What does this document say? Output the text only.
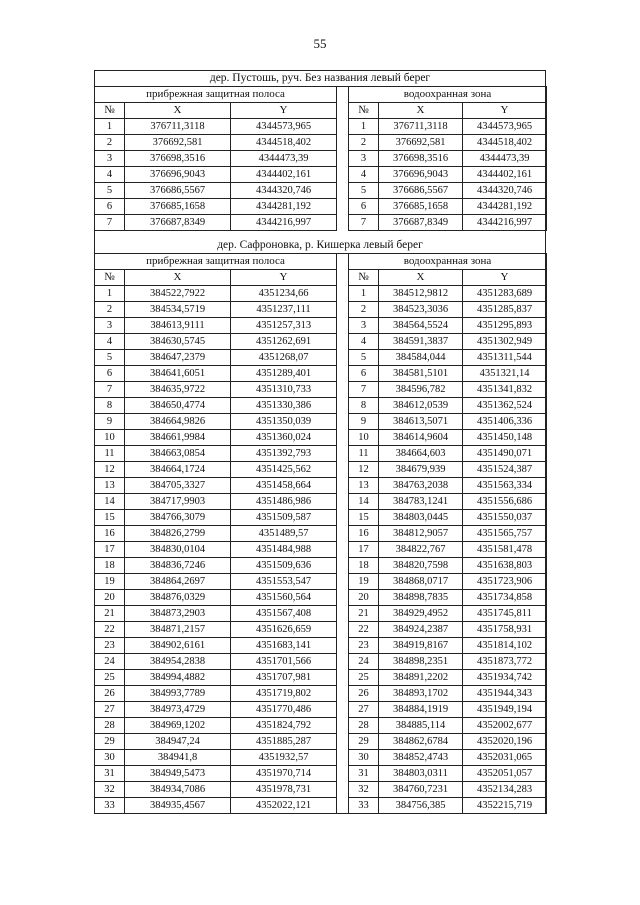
55
дер. Пустошь, руч. Без названия левый берег
прибрежная защитная полоса		
№	X	Y
1	376711,3118	4344573,965
2	376692,581	4344518,402
3	376698,3516	4344473,39
4	376696,9043	4344402,161
5	376686,5567	4344320,746
6	376685,1658	4344281,192
7	376687,8349	4344216,997
водоохранная зона		
№	X	Y
1	376711,3118	4344573,965
2	376692,581	4344518,402
3	376698,3516	4344473,39
4	376696,9043	4344402,161
5	376686,5567	4344320,746
6	376685,1658	4344281,192
7	376687,8349	4344216,997
дер. Сафроновка, р. Кишерка левый берег
прибрежная защитная полоса		
№	X	Y
1	384522,7922	4351234,66
2	384534,5719	4351237,111
3	384613,9111	4351257,313
4	384630,5745	4351262,691
5	384647,2379	4351268,07
6	384641,6051	4351289,401
7	384635,9722	4351310,733
8	384650,4774	4351330,386
9	384664,9826	4351350,039
10	384661,9984	4351360,024
11	384663,0854	4351392,793
12	384664,1724	4351425,562
13	384705,3327	4351458,664
14	384717,9903	4351486,986
15	384766,3079	4351509,587
16	384826,2799	4351489,57
17	384830,0104	4351484,988
18	384836,7246	4351509,636
19	384864,2697	4351553,547
20	384876,0329	4351560,564
21	384873,2903	4351567,408
22	384871,2157	4351626,659
23	384902,6161	4351683,141
24	384954,2838	4351701,566
25	384994,4882	4351707,981
26	384993,7789	4351719,802
27	384973,4729	4351770,486
28	384969,1202	4351824,792
29	384947,24	4351885,287
30	384941,8	4351932,57
31	384949,5473	4351970,714
32	384934,7086	4351978,731
33	384935,4567	4352022,121
водоохранная зона		
№	X	Y
1	384512,9812	4351283,689
2	384523,3036	4351285,837
3	384564,5524	4351295,893
4	384591,3837	4351302,949
5	384584,044	4351311,544
6	384581,5101	4351321,14
7	384596,782	4351341,832
8	384612,0539	4351362,524
9	384613,5071	4351406,336
10	384614,9604	4351450,148
11	384664,603	4351490,071
12	384679,939	4351524,387
13	384763,2038	4351563,334
14	384783,1241	4351556,686
15	384803,0445	4351550,037
16	384812,9057	4351565,757
17	384822,767	4351581,478
18	384820,7598	4351638,803
19	384868,0717	4351723,906
20	384898,7835	4351734,858
21	384929,4952	4351745,811
22	384924,2387	4351758,931
23	384919,8167	4351814,102
24	384898,2351	4351873,772
25	384891,2202	4351934,742
26	384893,1702	4351944,343
27	384884,1919	4351949,194
28	384885,114	4352002,677
29	384862,6784	4352020,196
30	384852,4743	4352031,065
31	384803,0311	4352051,057
32	384760,7231	4352134,283
33	384756,385	4352215,719
